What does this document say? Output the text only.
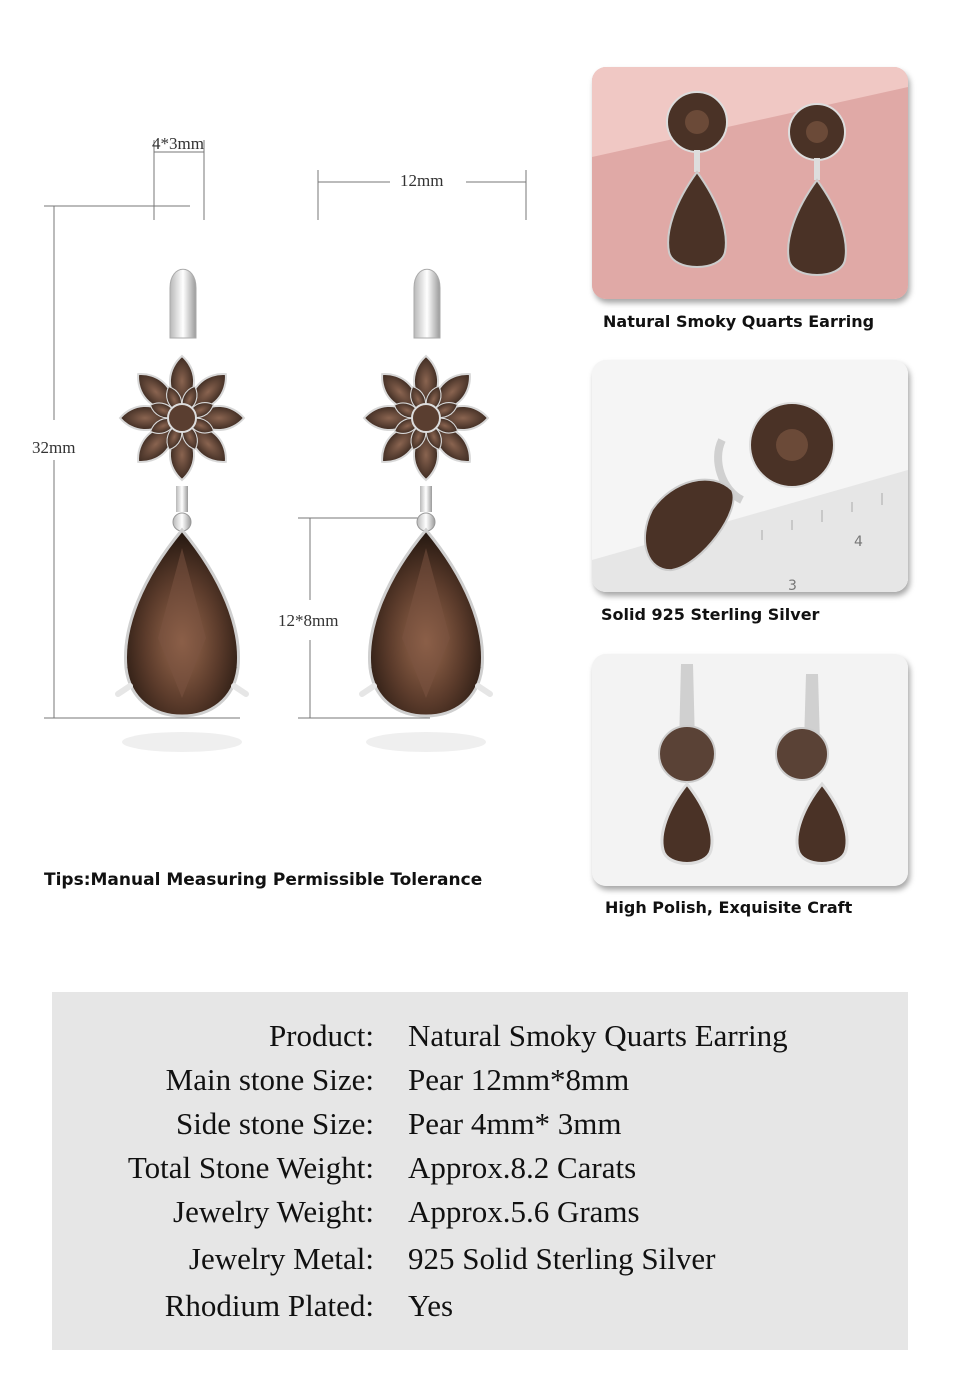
4*3mm
12mm
32mm
12*8mm
Tips:Manual Measuring Permissible Tolerance
Natural Smoky Quarts Earring
4
3
Solid 925 Sterling Silver
High Polish, Exquisite Craft
Product: Natural Smoky Quarts Earring
Main stone Size: Pear 12mm*8mm
Side stone Size: Pear 4mm* 3mm
Total Stone Weight: Approx.8.2 Carats
Jewelry Weight: Approx.5.6 Grams
Jewelry Metal: 925 Solid Sterling Silver
Rhodium Plated: Yes
